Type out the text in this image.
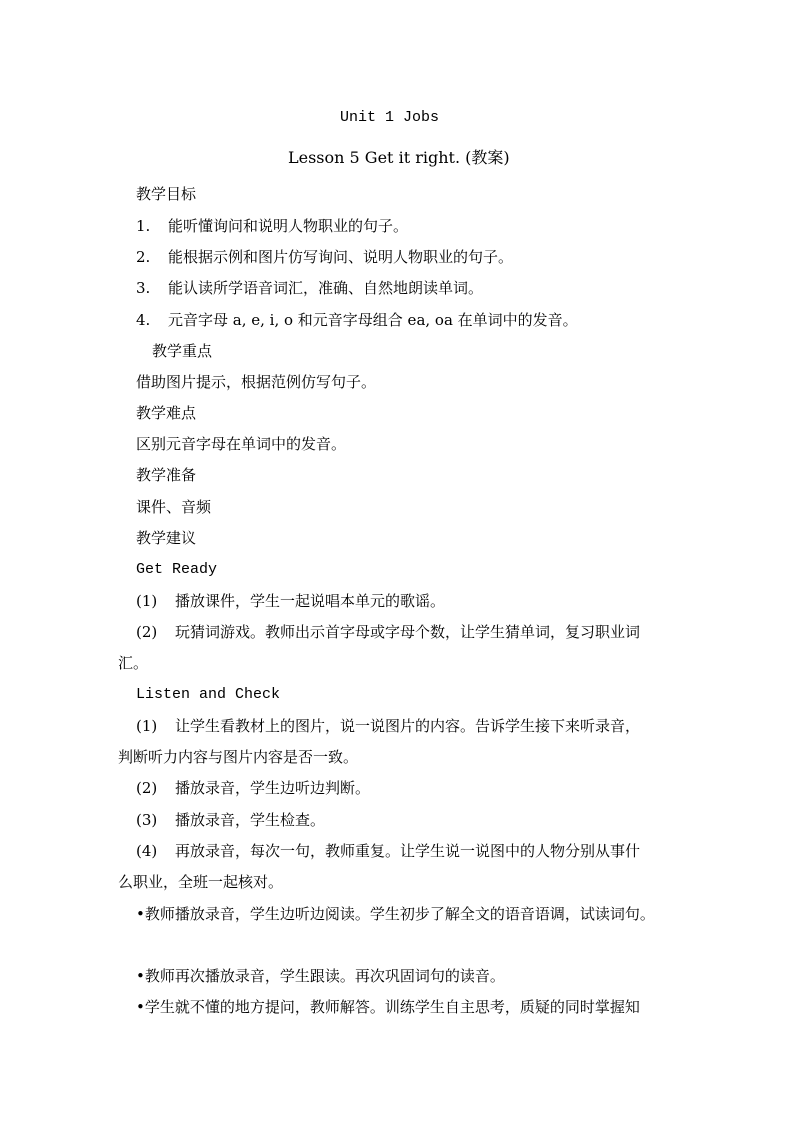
Unit 1 Jobs
Lesson 5 Get it right. (教案)
教学目标
1. 能听懂询问和说明人物职业的句子。
2. 能根据示例和图片仿写询问、说明人物职业的句子。
3. 能认读所学语音词汇，准确、自然地朗读单词。
4. 元音字母 a, e, i, o 和元音字母组合 ea, oa 在单词中的发音。
教学重点
借助图片提示，根据范例仿写句子。
教学难点
区别元音字母在单词中的发音。
教学准备
课件、音频
教学建议
Get Ready
(1) 播放课件，学生一起说唱本单元的歌谣。
(2) 玩猜词游戏。教师出示首字母或字母个数，让学生猜单词，复习职业词
汇。
Listen and Check
(1) 让学生看教材上的图片，说一说图片的内容。告诉学生接下来听录音，
判断听力内容与图片内容是否一致。
(2) 播放录音，学生边听边判断。
(3) 播放录音，学生检查。
(4) 再放录音，每次一句，教师重复。让学生说一说图中的人物分别从事什
么职业，全班一起核对。
•教师播放录音，学生边听边阅读。学生初步了解全文的语音语调，试读词句。
•教师再次播放录音，学生跟读。再次巩固词句的读音。
•学生就不懂的地方提问，教师解答。训练学生自主思考，质疑的同时掌握知
